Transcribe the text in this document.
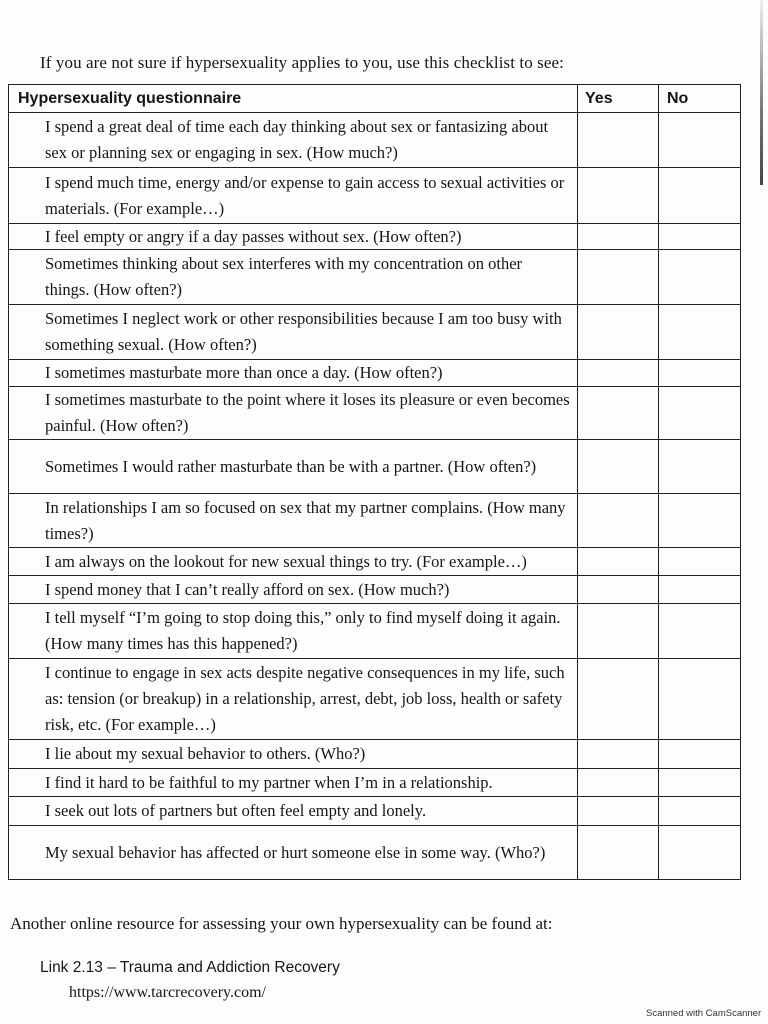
If you are not sure if hypersexuality applies to you, use this checklist to see:
Hypersexuality questionnaire	Yes	No
I spend a great deal of time each day thinking about sex or fantasizing about sex or planning sex or engaging in sex. (How much?)
I spend much time, energy and/or expense to gain access to sexual activities or materials. (For example…)
I feel empty or angry if a day passes without sex. (How often?)
Sometimes thinking about sex interferes with my concentration on other things. (How often?)
Sometimes I neglect work or other responsibilities because I am too busy with something sexual. (How often?)
I sometimes masturbate more than once a day. (How often?)
I sometimes masturbate to the point where it loses its pleasure or even becomes painful. (How often?)
Sometimes I would rather masturbate than be with a partner. (How often?)
In relationships I am so focused on sex that my partner complains. (How many times?)
I am always on the lookout for new sexual things to try. (For example…)
I spend money that I can’t really afford on sex. (How much?)
I tell myself “I’m going to stop doing this,” only to find myself doing it again. (How many times has this happened?)
I continue to engage in sex acts despite negative consequences in my life, such as: tension (or breakup) in a relationship, arrest, debt, job loss, health or safety risk, etc. (For example…)
I lie about my sexual behavior to others. (Who?)
I find it hard to be faithful to my partner when I’m in a relationship.
I seek out lots of partners but often feel empty and lonely.
My sexual behavior has affected or hurt someone else in some way. (Who?)
Another online resource for assessing your own hypersexuality can be found at:
Link 2.13 – Trauma and Addiction Recovery
https://www.tarcrecovery.com/
Scanned with CamScanner
